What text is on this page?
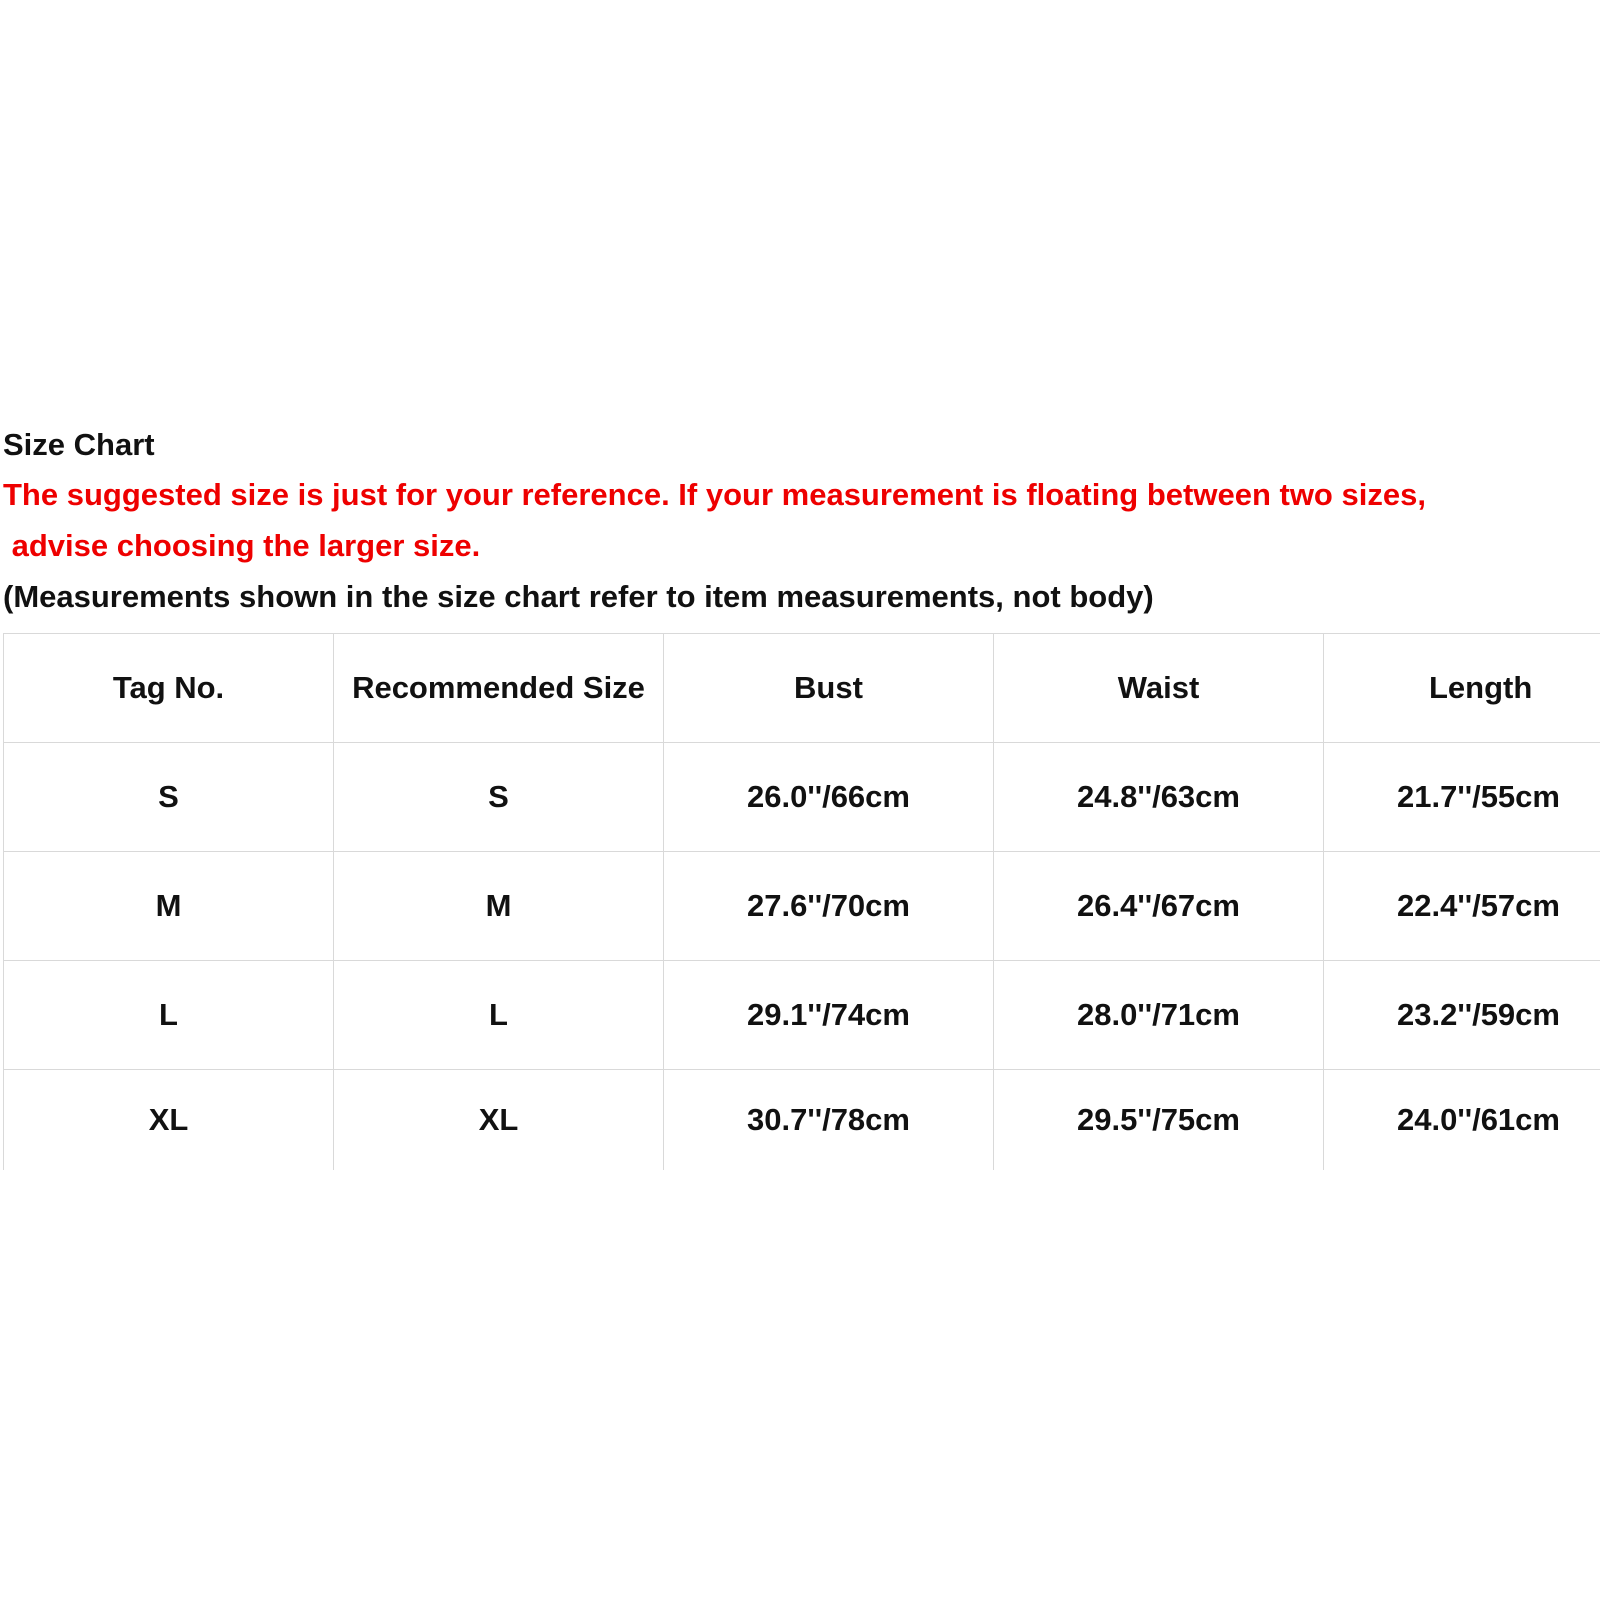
Size Chart

The suggested size is just for your reference. If your measurement is floating between two sizes,

advise choosing the larger size.

(Measurements shown in the size chart refer to item measurements, not body)

Tag No.	Recommended Size	Bust	Waist	Length
S	S	26.0''/66cm	24.8''/63cm	21.7''/55cm
M	M	27.6''/70cm	26.4''/67cm	22.4''/57cm
L	L	29.1''/74cm	28.0''/71cm	23.2''/59cm
XL	XL	30.7''/78cm	29.5''/75cm	24.0''/61cm
